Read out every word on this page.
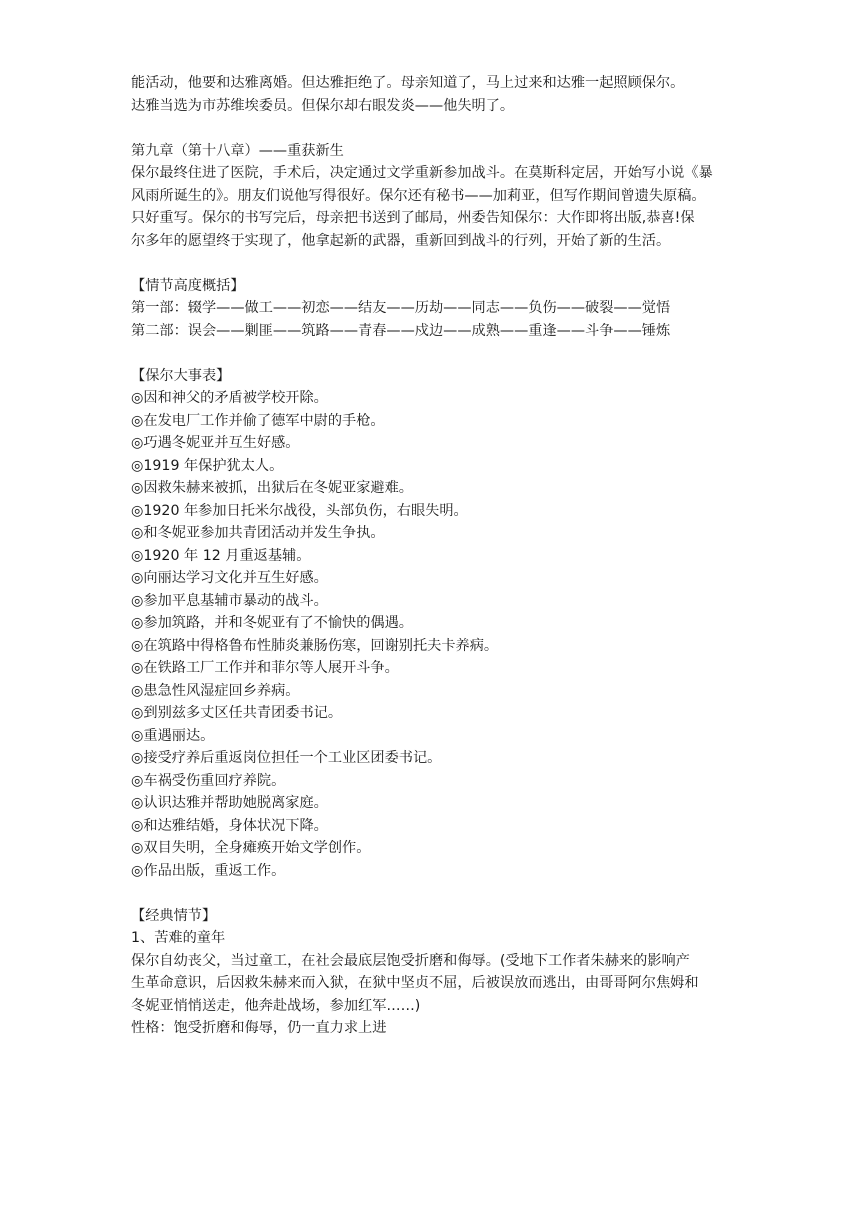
能活动，他要和达雅离婚。但达雅拒绝了。母亲知道了，马上过来和达雅一起照顾保尔。
达雅当选为市苏维埃委员。但保尔却右眼发炎——他失明了。
第九章（第十八章）——重获新生
保尔最终住进了医院，手术后，决定通过文学重新参加战斗。在莫斯科定居，开始写小说《暴
风雨所诞生的》。朋友们说他写得很好。保尔还有秘书——加莉亚，但写作期间曾遗失原稿。
只好重写。保尔的书写完后，母亲把书送到了邮局，州委告知保尔：大作即将出版,恭喜!保
尔多年的愿望终于实现了，他拿起新的武器，重新回到战斗的行列，开始了新的生活。
【情节高度概括】
第一部：辍学——做工——初恋——结友——历劫——同志——负伤——破裂——觉悟
第二部：误会——剿匪——筑路——青春——戍边——成熟——重逢——斗争——锤炼
【保尔大事表】
◎因和神父的矛盾被学校开除。
◎在发电厂工作并偷了德军中尉的手枪。
◎巧遇冬妮亚并互生好感。
◎1919 年保护犹太人。
◎因救朱赫来被抓，出狱后在冬妮亚家避难。
◎1920 年参加日托米尔战役，头部负伤，右眼失明。
◎和冬妮亚参加共青团活动并发生争执。
◎1920 年 12 月重返基辅。
◎向丽达学习文化并互生好感。
◎参加平息基辅市暴动的战斗。
◎参加筑路，并和冬妮亚有了不愉快的偶遇。
◎在筑路中得格鲁布性肺炎兼肠伤寒，回谢别托夫卡养病。
◎在铁路工厂工作并和菲尔等人展开斗争。
◎患急性风湿症回乡养病。
◎到别兹多丈区任共青团委书记。
◎重遇丽达。
◎接受疗养后重返岗位担任一个工业区团委书记。
◎车祸受伤重回疗养院。
◎认识达雅并帮助她脱离家庭。
◎和达雅结婚，身体状况下降。
◎双目失明，全身瘫痪开始文学创作。
◎作品出版，重返工作。
【经典情节】
1、苦难的童年
保尔自幼丧父，当过童工，在社会最底层饱受折磨和侮辱。(受地下工作者朱赫来的影响产
生革命意识，后因救朱赫来而入狱，在狱中坚贞不屈，后被误放而逃出，由哥哥阿尔焦姆和
冬妮亚悄悄送走，他奔赴战场，参加红军……)
性格：饱受折磨和侮辱，仍一直力求上进
